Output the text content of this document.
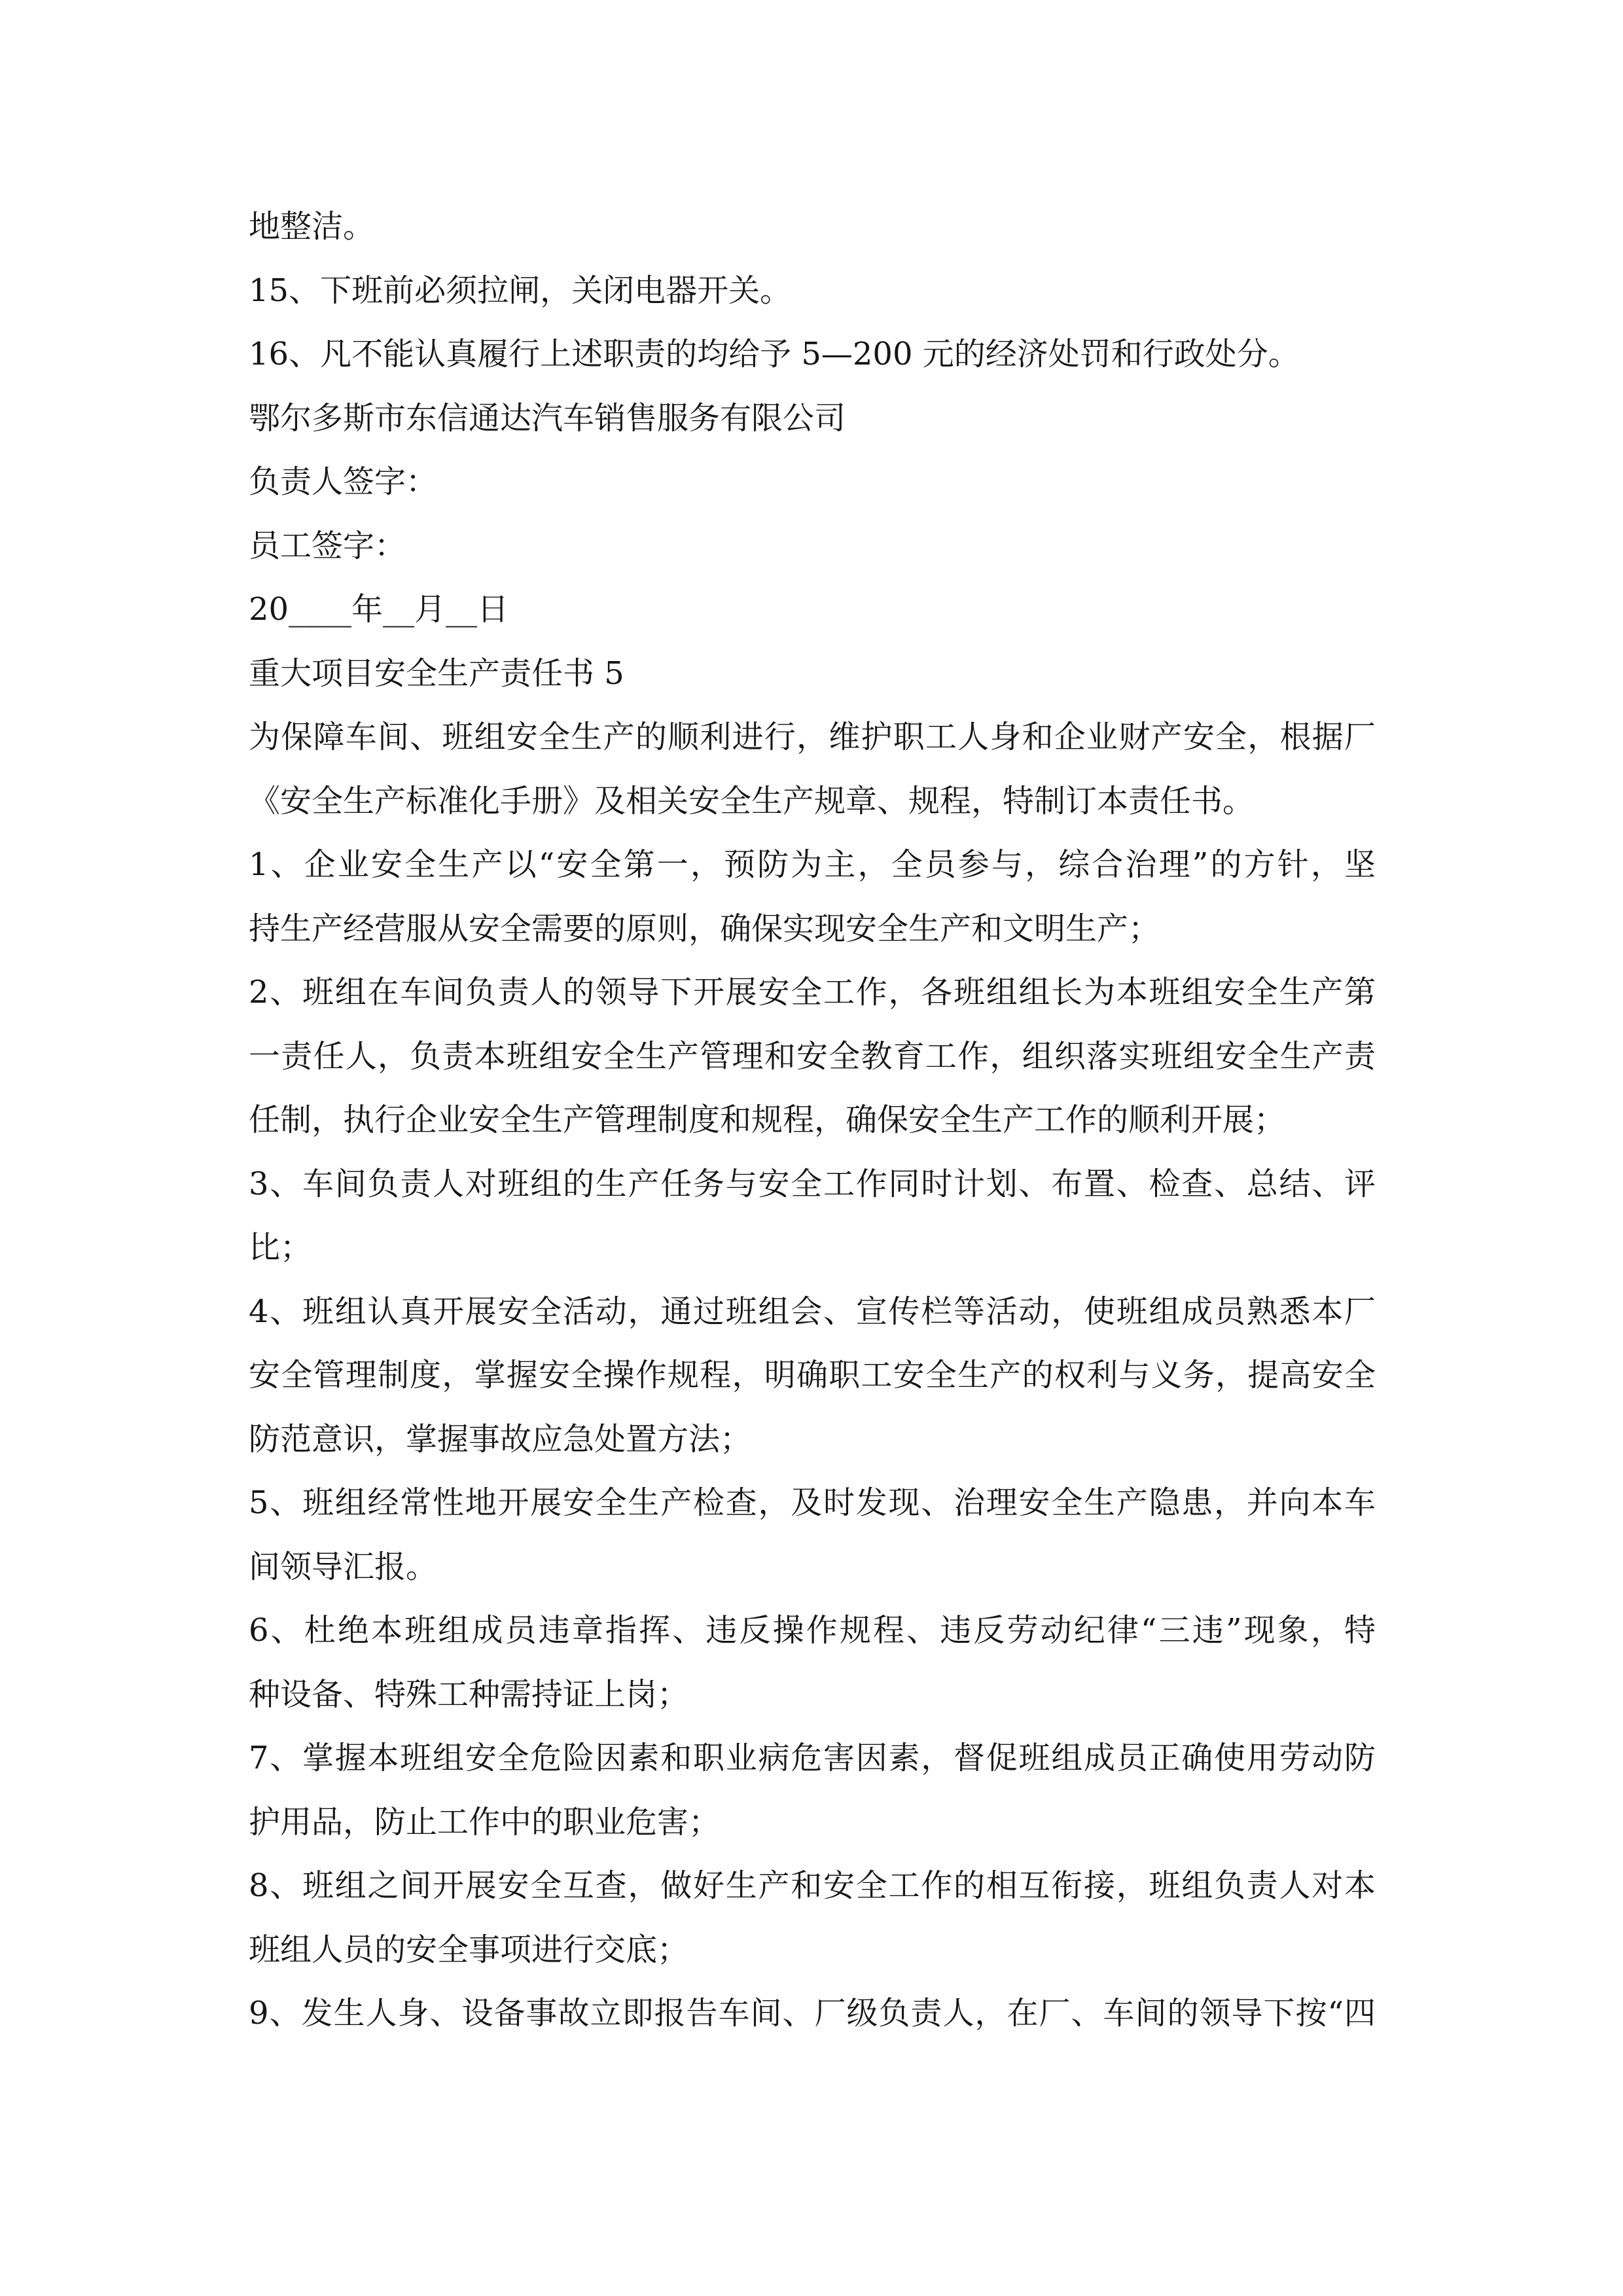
地整洁。
15、下班前必须拉闸，关闭电器开关。
16、凡不能认真履行上述职责的均给予 5—200 元的经济处罚和行政处分。
鄂尔多斯市东信通达汽车销售服务有限公司
负责人签字：
员工签字：
20____年__月__日
重大项目安全生产责任书 5
为保障车间、班组安全生产的顺利进行，维护职工人身和企业财产安全，根据厂
《安全生产标准化手册》及相关安全生产规章、规程，特制订本责任书。
1、企业安全生产以“安全第一，预防为主，全员参与，综合治理”的方针，坚
持生产经营服从安全需要的原则，确保实现安全生产和文明生产；
2、班组在车间负责人的领导下开展安全工作，各班组组长为本班组安全生产第
一责任人，负责本班组安全生产管理和安全教育工作，组织落实班组安全生产责
任制，执行企业安全生产管理制度和规程，确保安全生产工作的顺利开展；
3、车间负责人对班组的生产任务与安全工作同时计划、布置、检查、总结、评
比；
4、班组认真开展安全活动，通过班组会、宣传栏等活动，使班组成员熟悉本厂
安全管理制度，掌握安全操作规程，明确职工安全生产的权利与义务，提高安全
防范意识，掌握事故应急处置方法；
5、班组经常性地开展安全生产检查，及时发现、治理安全生产隐患，并向本车
间领导汇报。
6、杜绝本班组成员违章指挥、违反操作规程、违反劳动纪律“三违”现象，特
种设备、特殊工种需持证上岗；
7、掌握本班组安全危险因素和职业病危害因素，督促班组成员正确使用劳动防
护用品，防止工作中的职业危害；
8、班组之间开展安全互查，做好生产和安全工作的相互衔接，班组负责人对本
班组人员的安全事项进行交底；
9、发生人身、设备事故立即报告车间、厂级负责人，在厂、车间的领导下按“四
